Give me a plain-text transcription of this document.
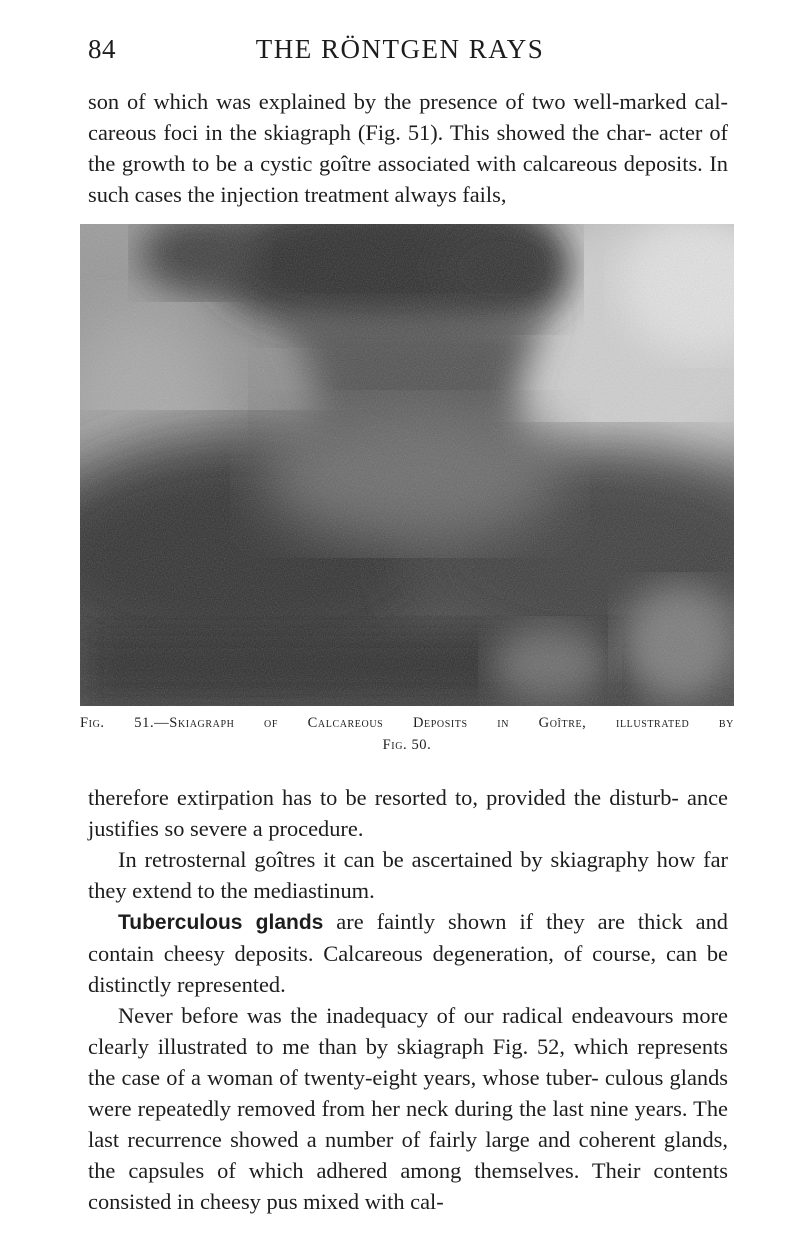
84	THE RÖNTGEN RAYS

son of which was explained by the presence of two well-marked cal- careous foci in the skiagraph (Fig. 51). This showed the char- acter of the growth to be a cystic goître associated with calcareous deposits. In such cases the injection treatment always fails,

Fig. 51.—Skiagraph of Calcareous Deposits in Goître, illustrated by
Fig. 50.

therefore extirpation has to be resorted to, provided the disturb- ance justifies so severe a procedure.

In retrosternal goîtres it can be ascertained by skiagraphy how far they extend to the mediastinum.

Tuberculous glands are faintly shown if they are thick and contain cheesy deposits. Calcareous degeneration, of course, can be distinctly represented.

Never before was the inadequacy of our radical endeavours more clearly illustrated to me than by skiagraph Fig. 52, which represents the case of a woman of twenty-eight years, whose tuber- culous glands were repeatedly removed from her neck during the last nine years. The last recurrence showed a number of fairly large and coherent glands, the capsules of which adhered among themselves. Their contents consisted in cheesy pus mixed with cal-
